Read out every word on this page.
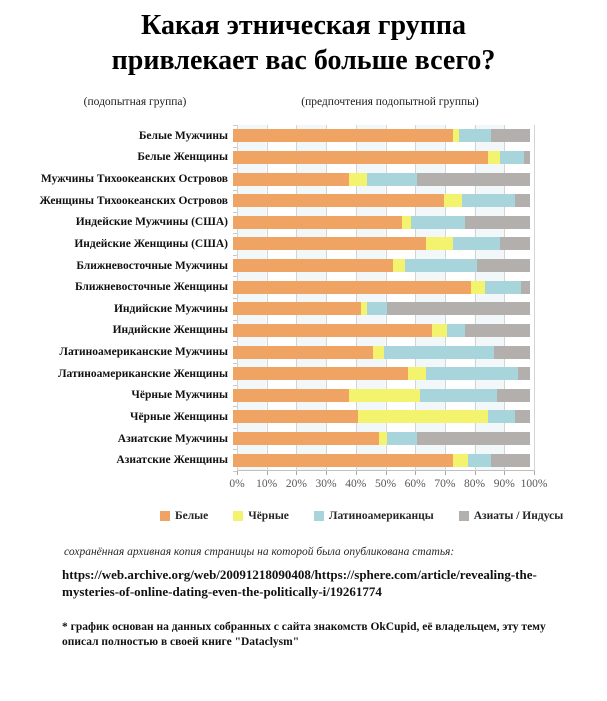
Какая этническая группа
привлекает вас больше всего?
(подопытная группа)	(предпочтения подопытной группы)
Белые Мужчины
Белые Женщины
Мужчины Тихоокеанских Островов
Женщины Тихоокеанских Островов
Индейские Мужчины (США)
Индейские Женщины (США)
Ближневосточные Мужчины
Ближневосточные Женщины
Индийские Мужчины
Индийские Женщины
Латиноамериканские Мужчины
Латиноамериканские Женщины
Чёрные Мужчины
Чёрные Женщины
Азиатские Мужчины
Азиатские Женщины
0% 10% 20% 30% 40% 50% 60% 70% 80% 90% 100%
Белые	Чёрные	Латиноамериканцы	Азиаты / Индусы
сохранённая архивная копия страницы на которой была опубликована статья:
https://web.archive.org/web/20091218090408/https://sphere.com/article/revealing-the-
mysteries-of-online-dating-even-the-politically-i/19261774
* график основан на данных собранных с сайта знакомств OkCupid, её владельцем, эту тему описал полностью в своей книге "Dataclysm"
